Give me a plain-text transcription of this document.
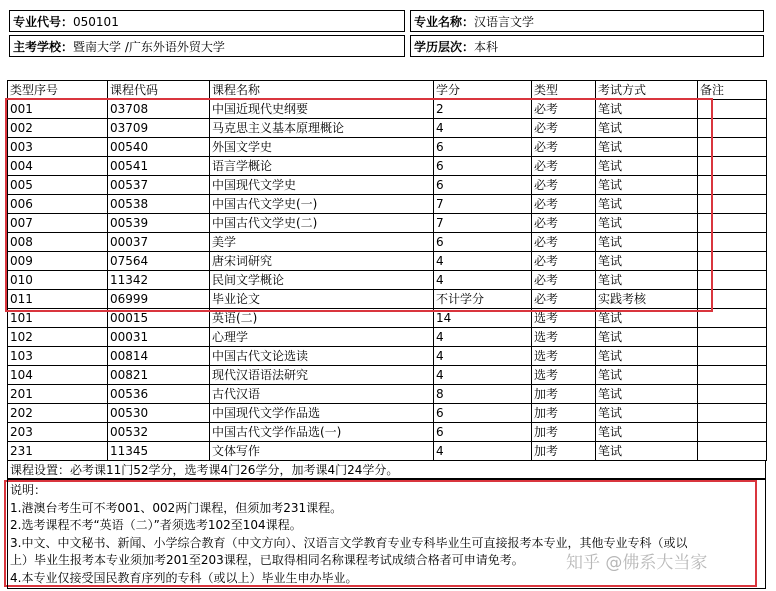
专业代号：050101	专业名称：汉语言文学
主考学校：暨南大学 /广东外语外贸大学	学历层次：本科
类型序号	课程代码	课程名称	学分	类型	考试方式	备注
001	03708	中国近现代史纲要	2	必考	笔试	
002	03709	马克思主义基本原理概论	4	必考	笔试	
003	00540	外国文学史	6	必考	笔试	
004	00541	语言学概论	6	必考	笔试	
005	00537	中国现代文学史	6	必考	笔试	
006	00538	中国古代文学史(一)	7	必考	笔试	
007	00539	中国古代文学史(二)	7	必考	笔试	
008	00037	美学	6	必考	笔试	
009	07564	唐宋词研究	4	必考	笔试	
010	11342	民间文学概论	4	必考	笔试	
011	06999	毕业论文	不计学分	必考	实践考核	
101	00015	英语(二)	14	选考	笔试	
102	00031	心理学	4	选考	笔试	
103	00814	中国古代文论选读	4	选考	笔试	
104	00821	现代汉语语法研究	4	选考	笔试	
201	00536	古代汉语	8	加考	笔试	
202	00530	中国现代文学作品选	6	加考	笔试	
203	00532	中国古代文学作品选(一)	6	加考	笔试	
231	11345	文体写作	4	加考	笔试	
课程设置：必考课11门52学分，选考课4门26学分，加考课4门24学分。
说明：
1.港澳台考生可不考001、002两门课程，但须加考231课程。
2.选考课程不考“英语（二）”者须选考102至104课程。
3.中文、中文秘书、新闻、小学综合教育（中文方向）、汉语言文学教育专业专科毕业生可直接报考本专业，其他专业专科（或以
上）毕业生报考本专业须加考201至203课程，已取得相同名称课程考试成绩合格者可申请免考。
4.本专业仅接受国民教育序列的专科（或以上）毕业生申办毕业。
知乎 @佛系大当家
